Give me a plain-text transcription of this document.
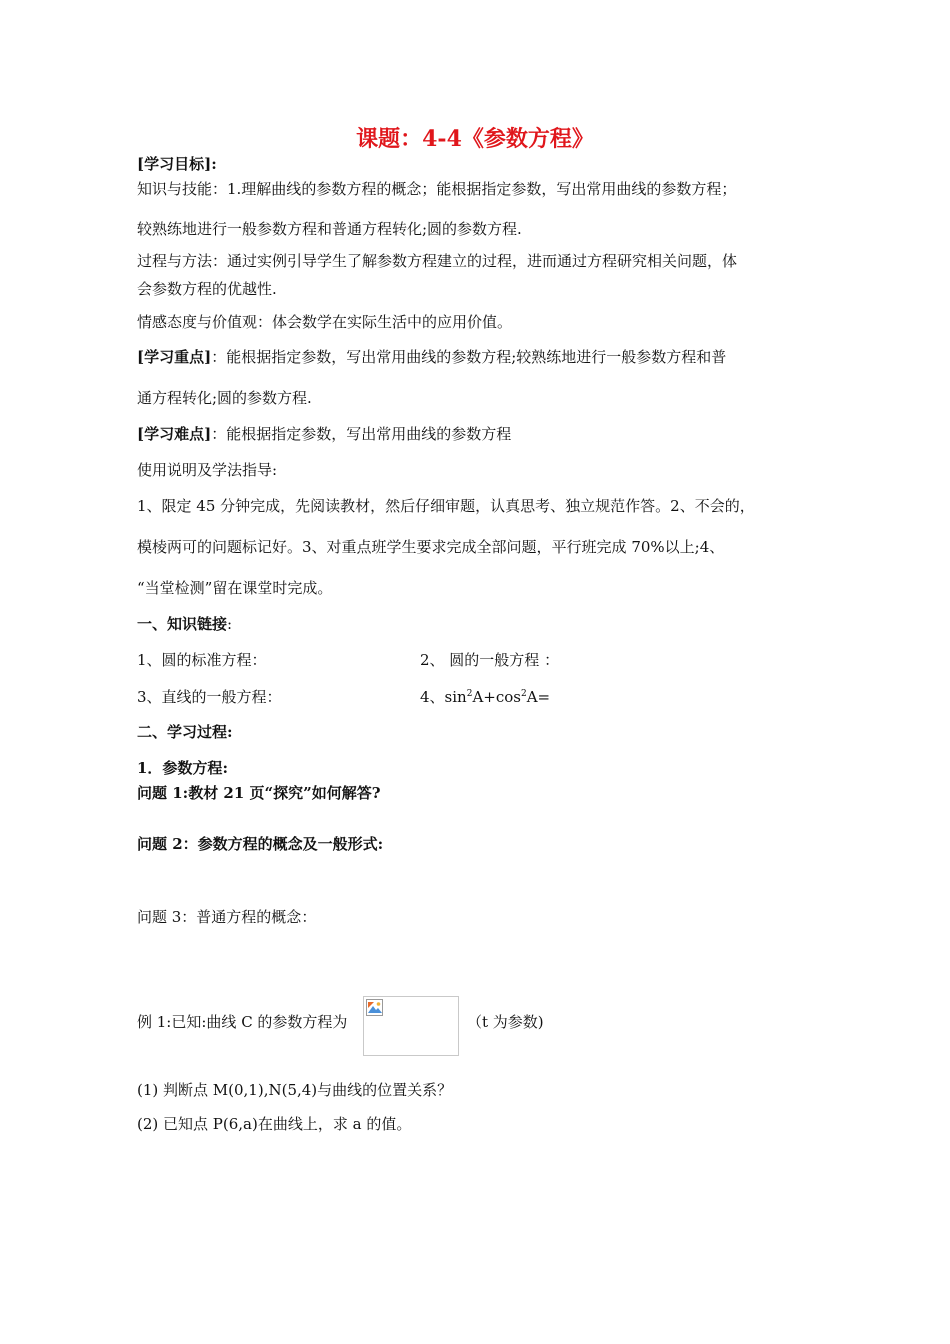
课题：4-4《参数方程》
[学习目标]:
知识与技能：1.理解曲线的参数方程的概念；能根据指定参数，写出常用曲线的参数方程；
较熟练地进行一般参数方程和普通方程转化;圆的参数方程.
过程与方法：通过实例引导学生了解参数方程建立的过程，进而通过方程研究相关问题，体
会参数方程的优越性.
情感态度与价值观：体会数学在实际生活中的应用价值。
[学习重点]：能根据指定参数，写出常用曲线的参数方程;较熟练地进行一般参数方程和普
通方程转化;圆的参数方程.
[学习难点]：能根据指定参数，写出常用曲线的参数方程
使用说明及学法指导:
1、限定 45 分钟完成，先阅读教材，然后仔细审题，认真思考、独立规范作答。2、不会的，
模棱两可的问题标记好。3、对重点班学生要求完成全部问题，平行班完成 70%以上;4、
“当堂检测”留在课堂时完成。
一、知识链接:
1、圆的标准方程：	2、 圆的一般方程 ：
3、直线的一般方程：	4、$\sin^2A+\cos^2A=$
二、学习过程:
1．参数方程:
问题 1:教材 21 页“探究”如何解答?
问题 2：参数方程的概念及一般形式:
问题 3：普通方程的概念：
例 1:已知:曲线 C 的参数方程为	（t 为参数)
(1) 判断点 M(0,1),N(5,4)与曲线的位置关系？
(2) 已知点 P(6,a)在曲线上，求 a 的值。
